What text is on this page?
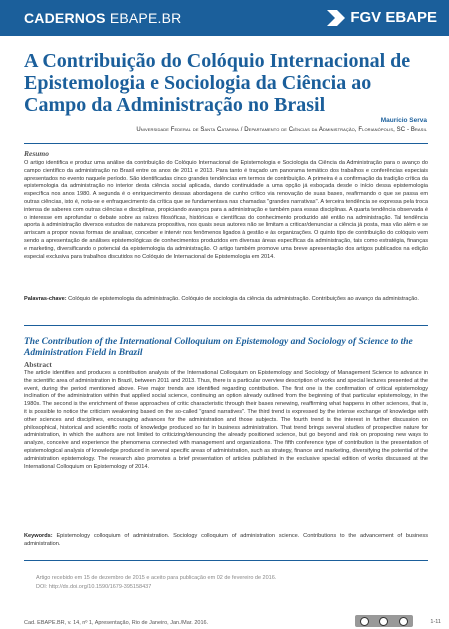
CADERNOS EBAPE.BR	FGV EBAPE
A Contribuição do Colóquio Internacional de Epistemologia e Sociologia da Ciência ao Campo da Administração no Brasil
Maurício Serva
Universidade Federal de Santa Catarina / Departamento de Ciências da Administração, Florianópolis, SC - Brasil
Resumo

O artigo identifica e produz uma análise da contribuição do Colóquio Internacional de Epistemologia e Sociologia da Ciência da Administração para o avanço do campo científico da administração no Brasil entre os anos de 2011 e 2013. Para tanto é traçado um panorama temático dos trabalhos e conferências especiais apresentados no evento naquele período. São identificadas cinco grandes tendências em termos de contribuição. A primeira é a confirmação da tradição crítica da epistemologia da administração no interior desta ciência social aplicada, dando continuidade a uma opção já esboçada desde o início dessa epistemologia específica nos anos 1980. A segunda é o enriquecimento dessas abordagens de cunho crítico via renovação de suas bases, reafirmando o que se passa em outras ciências, isto é, nota-se e enfraquecimento da crítica que se fundamentava nas chamadas "grandes narrativas". A terceira tendência se expressa pela troca intensa de saberes com outras ciências e disciplinas, propiciando avanços para a administração e também para essas disciplinas. A quarta tendência observada é o interesse em aprofundar o debate sobre as raízes filosóficas, históricas e científicas do conhecimento produzido até então na administração. Tal tendência aporta à administração diversos estudos de natureza propositiva, nos quais seus autores não se limitam a criticar/denunciar a ciência já posta, mas vão além e se arriscam a propor novas formas de analisar, conceber e intervir nos fenômenos ligados à gestão e às organizações. O quinto tipo de contribuição do colóquio vem sendo a apresentação de análises epistemológicas de conhecimentos produzidos em diversas áreas específicas da administração, tais como estratégia, finanças e marketing, diversificando o potencial da epistemologia da administração. O artigo também promove uma breve apresentação dos artigos publicados na edição especial exclusiva para trabalhos discutidos no Colóquio de Internacional de Epistemologia em 2014.

Palavras-chave: Colóquio de epistemologia da administração. Colóquio de sociologia da ciência da administração. Contribuições ao avanço da administração.

The Contribution of the International Colloquium on Epistemology and Sociology of Science to the Administration Field in Brazil
Abstract

The article identifies and produces a contribution analysis of the International Colloquium on Epistemology and Sociology of Management Science to advance in the scientific area of administration in Brazil, between 2011 and 2013. Thus, there is a particular overview description of works and special lectures presented at the event, during the period mentioned above. Five major trends are identified regarding contribution. The first one is the confirmation of critical epistemology inclination of the administration within that applied social science, continuing an option already outlined from the beginning of that particular epistemology, in the 1980s. The second is the enrichment of these approaches of critic characteristic through their bases renewing, reaffirming what happens in other sciences, that is, it is possible to notice the criticism weakening based on the so-called "grand narratives". The third trend is expressed by the intense exchange of knowledge with other sciences and disciplines, encouraging advances for the administration and those subjects. The fourth trend is the interest in further discussion on philosophical, historical and scientific roots of knowledge produced so far in business administration. That trend brings several studies of prospective nature for administration, in which the authors are not limited to criticizing/denouncing the already positioned science, but go beyond and risk on proposing new ways to analyze, conceive and experience the phenomena connected with management and organizations. The fifth conference type of contribution is the presentation of epistemological analysis of knowledge produced in several specific areas of administration, such as strategy, finance and marketing, diversifying the potential of the administration epistemology. The research also promotes a brief presentation of articles published in the exclusive special edition of works discussed at the International Colloquium on Epistemology of 2014.

Keywords: Epistemology colloquium of administration. Sociology colloquium of administration science. Contributions to the advancement of business administration.

Artigo recebido em 15 de dezembro de 2015 e aceito para publicação em 02 de fevereiro de 2016.
DOI: http://dx.doi.org/10.1590/1679-395158437
Cad. EBAPE.BR, v. 14, nº 1, Apresentação, Rio de Janeiro, Jan./Mar. 2016.	1-11
